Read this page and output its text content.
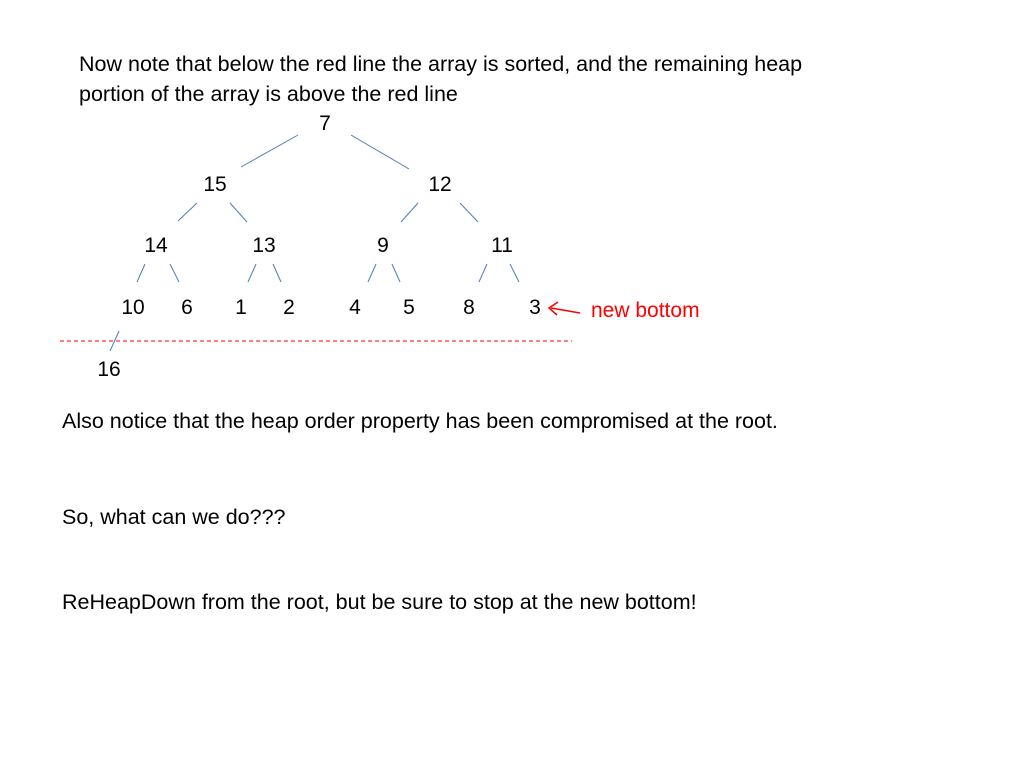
Now note that below the red line the array is sorted, and the remaining heap
portion of the array is above the red line
7
15	12
14	13	9	11
10 6 1 2	4 5 8	3
16
new bottom
Also notice that the heap order property has been compromised at the root.
So, what can we do???
ReHeapDown from the root, but be sure to stop at the new bottom!
